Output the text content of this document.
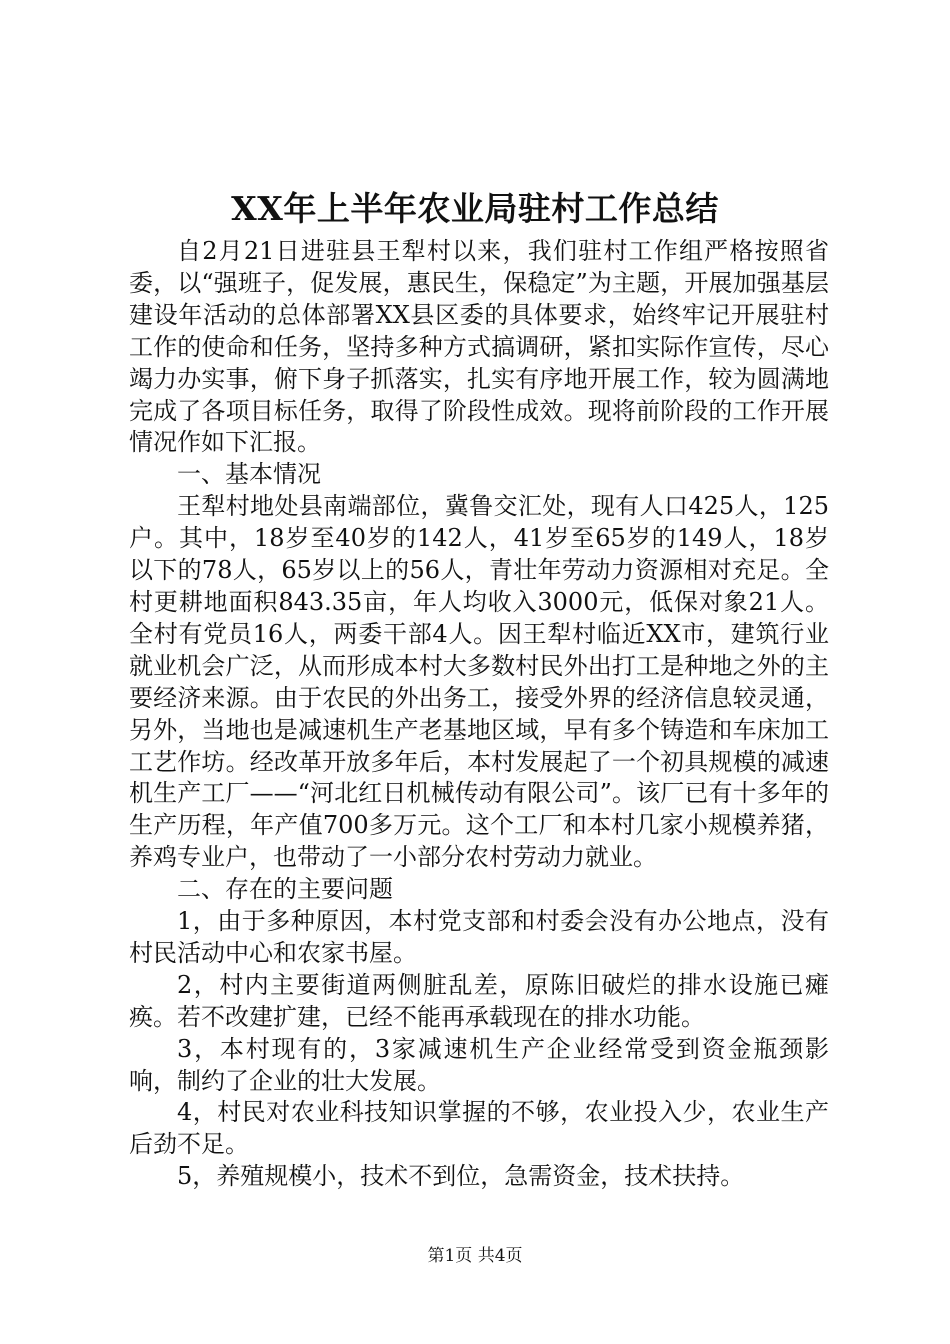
XX年上半年农业局驻村工作总结

自2月21日进驻县王犁村以来，我们驻村工作组严格按照省委，以“强班子，促发展，惠民生，保稳定”为主题，开展加强基层建设年活动的总体部署XX县区委的具体要求，始终牢记开展驻村工作的使命和任务，坚持多种方式搞调研，紧扣实际作宣传，尽心竭力办实事，俯下身子抓落实，扎实有序地开展工作，较为圆满地完成了各项目标任务，取得了阶段性成效。现将前阶段的工作开展情况作如下汇报。

一、基本情况

王犁村地处县南端部位，冀鲁交汇处，现有人口425人，125户。其中，18岁至40岁的142人，41岁至65岁的149人，18岁以下的78人，65岁以上的56人，青壮年劳动力资源相对充足。全村更耕地面积843.35亩，年人均收入3000元，低保对象21人。全村有党员16人，两委干部4人。因王犁村临近XX市，建筑行业就业机会广泛，从而形成本村大多数村民外出打工是种地之外的主要经济来源。由于农民的外出务工，接受外界的经济信息较灵通，另外，当地也是减速机生产老基地区域，早有多个铸造和车床加工工艺作坊。经改革开放多年后，本村发展起了一个初具规模的减速机生产工厂——“河北红日机械传动有限公司”。该厂已有十多年的生产历程，年产值700多万元。这个工厂和本村几家小规模养猪，养鸡专业户，也带动了一小部分农村劳动力就业。

二、存在的主要问题

1，由于多种原因，本村党支部和村委会没有办公地点，没有村民活动中心和农家书屋。

2，村内主要街道两侧脏乱差，原陈旧破烂的排水设施已瘫痪。若不改建扩建，已经不能再承载现在的排水功能。

3，本村现有的，3家减速机生产企业经常受到资金瓶颈影响，制约了企业的壮大发展。

4，村民对农业科技知识掌握的不够，农业投入少，农业生产后劲不足。

5，养殖规模小，技术不到位，急需资金，技术扶持。

第1页 共4页
